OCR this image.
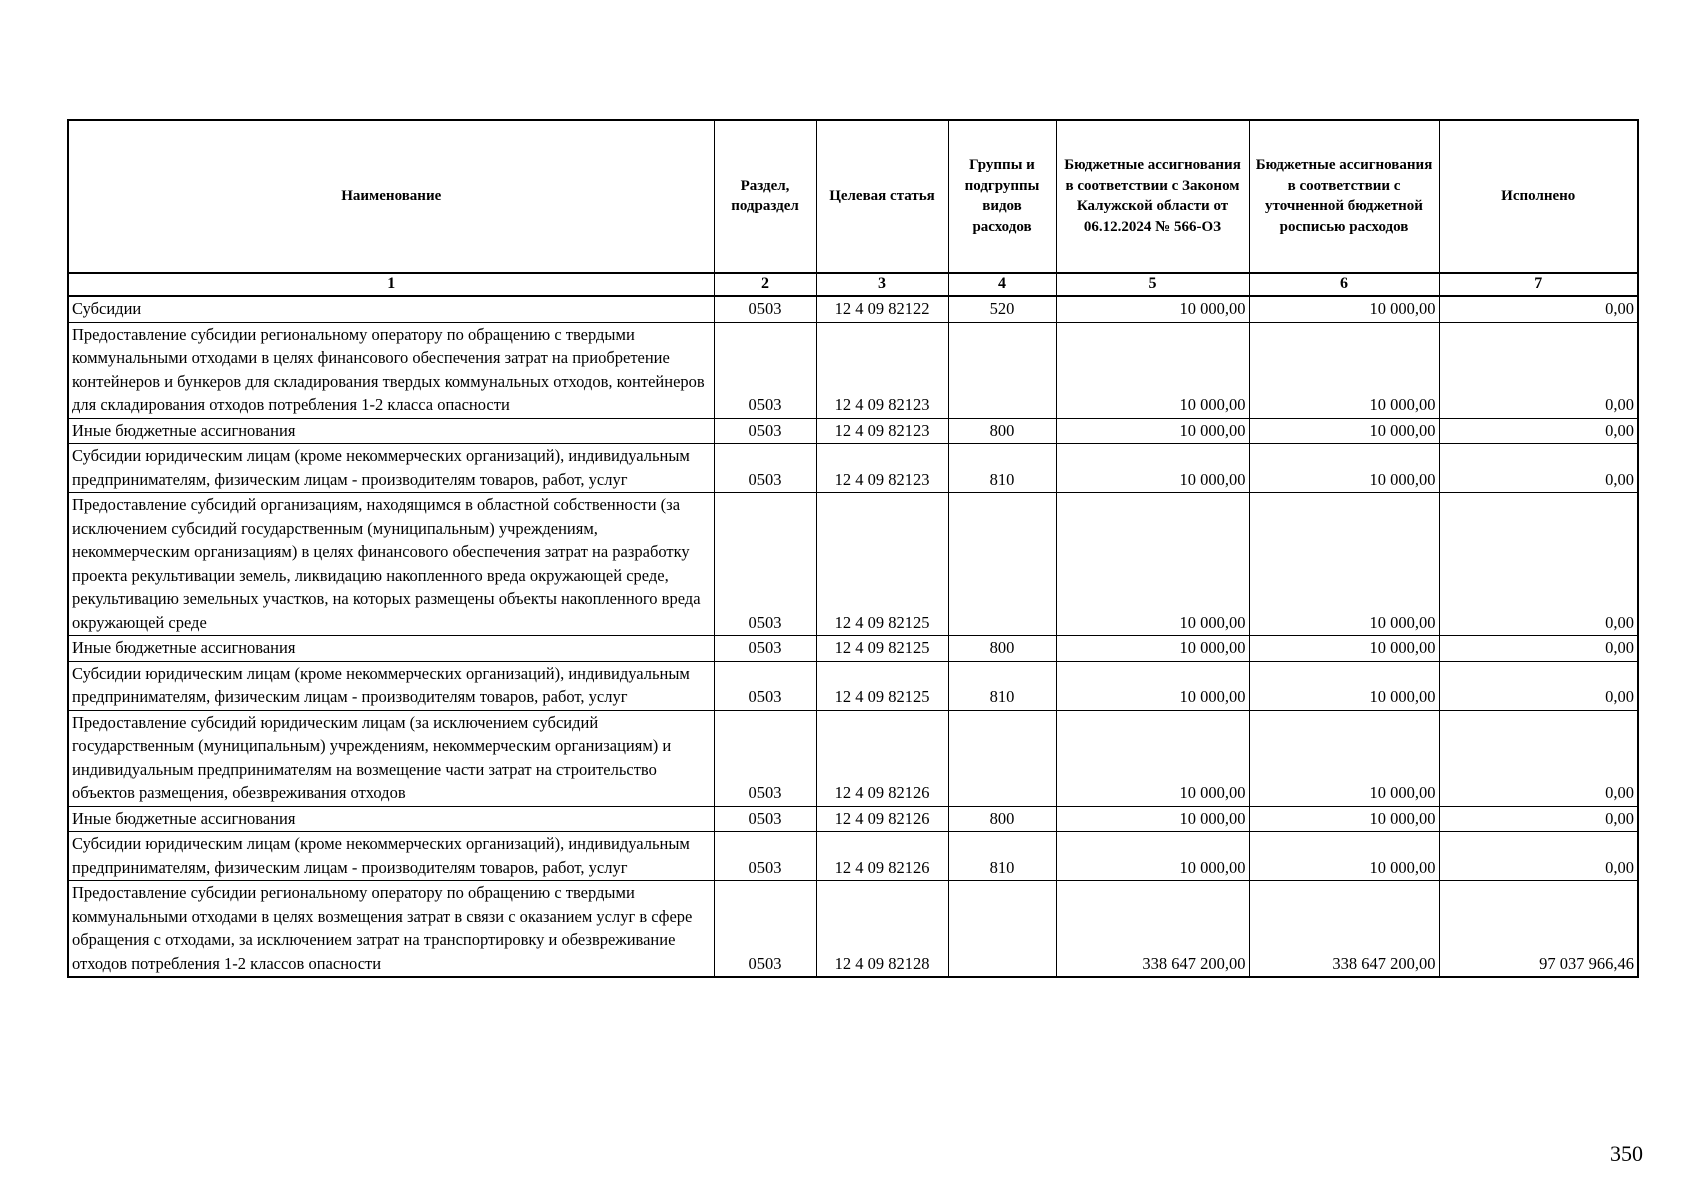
Наименование	Раздел, подраздел	Целевая статья	Группы и подгруппы видов расходов	Бюджетные ассигнования в соответствии с Законом Калужской области от 06.12.2024 № 566-ОЗ	Бюджетные ассигнования в соответствии с уточненной бюджетной росписью расходов	Исполнено
1	2	3	4	5	6	7
Субсидии	0503	12 4 09 82122	520	10 000,00	10 000,00	0,00
Предоставление субсидии региональному оператору по обращению с твердыми коммунальными отходами в целях финансового обеспечения затрат на приобретение контейнеров и бункеров для складирования твердых коммунальных отходов, контейнеров для складирования отходов потребления 1-2 класса опасности	0503	12 4 09 82123		10 000,00	10 000,00	0,00
Иные бюджетные ассигнования	0503	12 4 09 82123	800	10 000,00	10 000,00	0,00
Субсидии юридическим лицам (кроме некоммерческих организаций), индивидуальным предпринимателям, физическим лицам - производителям товаров, работ, услуг	0503	12 4 09 82123	810	10 000,00	10 000,00	0,00
Предоставление субсидий организациям, находящимся в областной собственности (за исключением субсидий государственным (муниципальным) учреждениям, некоммерческим организациям) в целях финансового обеспечения затрат на разработку проекта рекультивации земель, ликвидацию накопленного вреда окружающей среде, рекультивацию земельных участков, на которых размещены объекты накопленного вреда окружающей среде	0503	12 4 09 82125		10 000,00	10 000,00	0,00
Иные бюджетные ассигнования	0503	12 4 09 82125	800	10 000,00	10 000,00	0,00
Субсидии юридическим лицам (кроме некоммерческих организаций), индивидуальным предпринимателям, физическим лицам - производителям товаров, работ, услуг	0503	12 4 09 82125	810	10 000,00	10 000,00	0,00
Предоставление субсидий юридическим лицам (за исключением субсидий государственным (муниципальным) учреждениям, некоммерческим организациям) и индивидуальным предпринимателям на возмещение части затрат на строительство объектов размещения, обезвреживания отходов	0503	12 4 09 82126		10 000,00	10 000,00	0,00
Иные бюджетные ассигнования	0503	12 4 09 82126	800	10 000,00	10 000,00	0,00
Субсидии юридическим лицам (кроме некоммерческих организаций), индивидуальным предпринимателям, физическим лицам - производителям товаров, работ, услуг	0503	12 4 09 82126	810	10 000,00	10 000,00	0,00
Предоставление субсидии региональному оператору по обращению с твердыми коммунальными отходами в целях возмещения затрат в связи с оказанием услуг в сфере обращения с отходами, за исключением затрат на транспортировку и обезвреживание отходов потребления 1-2 классов опасности	0503	12 4 09 82128		338 647 200,00	338 647 200,00	97 037 966,46
350
